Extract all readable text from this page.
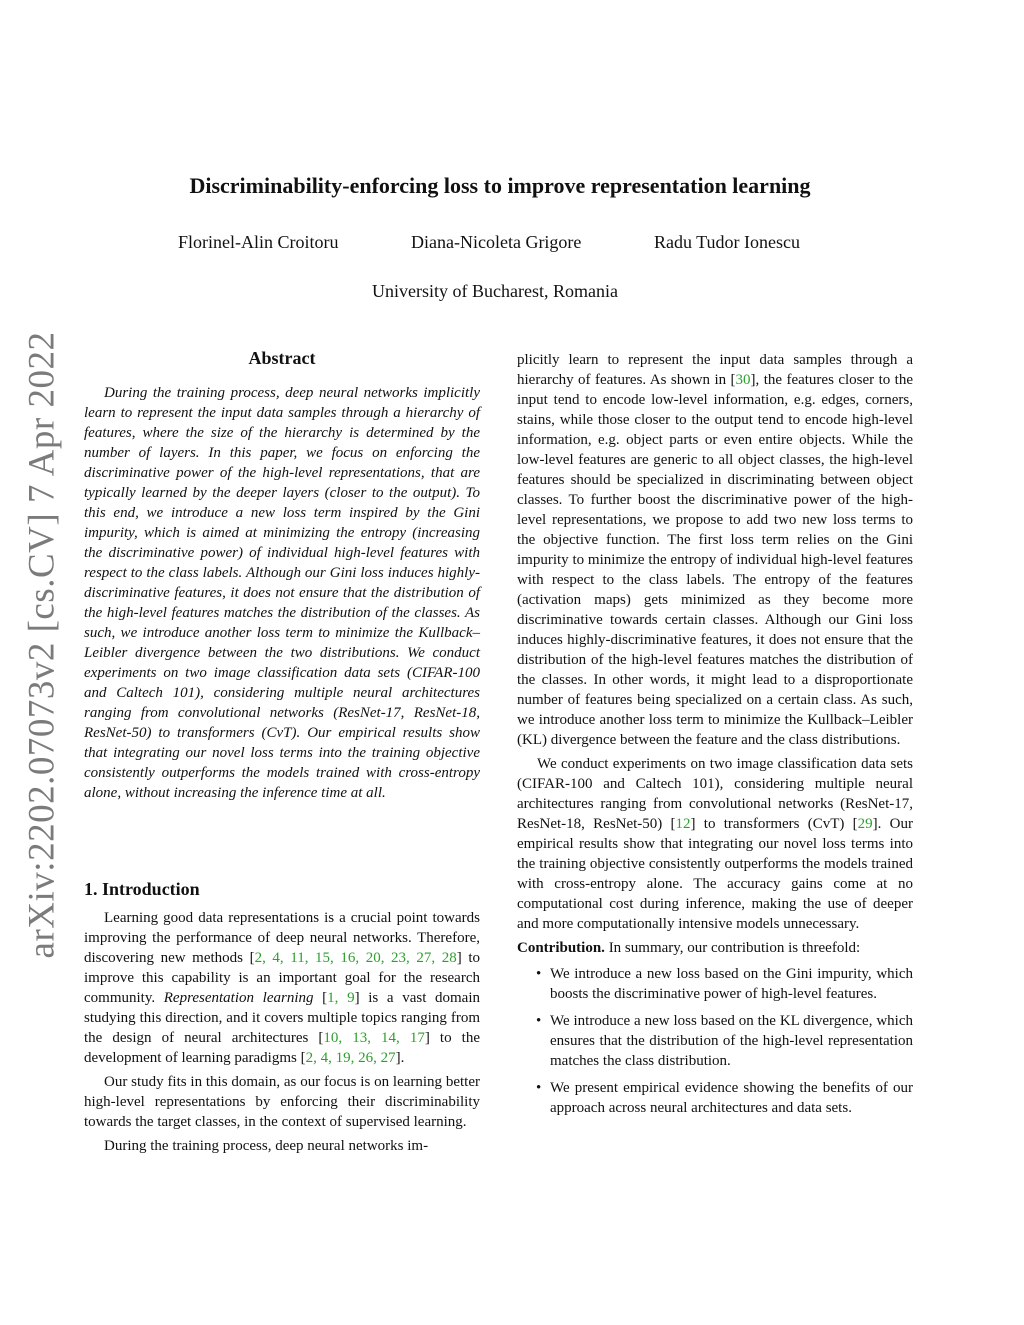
arXiv:2202.07073v2 [cs.CV] 7 Apr 2022
Discriminability-enforcing loss to improve representation learning
Florinel-Alin Croitoru	Diana-Nicoleta Grigore	Radu Tudor Ionescu
University of Bucharest, Romania
Abstract

During the training process, deep neural networks implicitly learn to represent the input data samples through a hierarchy of features, where the size of the hierarchy is determined by the number of layers. In this paper, we focus on enforcing the discriminative power of the high-level representations, that are typically learned by the deeper layers (closer to the output). To this end, we introduce a new loss term inspired by the Gini impurity, which is aimed at minimizing the entropy (increasing the discriminative power) of individual high-level features with respect to the class labels. Although our Gini loss induces highly-discriminative features, it does not ensure that the distribution of the high-level features matches the distribution of the classes. As such, we introduce another loss term to minimize the Kullback–Leibler divergence between the two distributions. We conduct experiments on two image classification data sets (CIFAR-100 and Caltech 101), considering multiple neural architectures ranging from convolutional networks (ResNet-17, ResNet-18, ResNet-50) to transformers (CvT). Our empirical results show that integrating our novel loss terms into the training objective consistently outperforms the models trained with cross-entropy alone, without increasing the inference time at all.

1. Introduction

Learning good data representations is a crucial point towards improving the performance of deep neural networks. Therefore, discovering new methods [2, 4, 11, 15, 16, 20, 23, 27, 28] to improve this capability is an important goal for the research community. Representation learning [1, 9] is a vast domain studying this direction, and it covers multiple topics ranging from the design of neural architectures [10, 13, 14, 17] to the development of learning paradigms [2, 4, 19, 26, 27].

Our study fits in this domain, as our focus is on learning better high-level representations by enforcing their discriminability towards the target classes, in the context of supervised learning.

During the training process, deep neural networks im-

plicitly learn to represent the input data samples through a hierarchy of features. As shown in [30], the features closer to the input tend to encode low-level information, e.g. edges, corners, stains, while those closer to the output tend to encode high-level information, e.g. object parts or even entire objects. While the low-level features are generic to all object classes, the high-level features should be specialized in discriminating between object classes. To further boost the discriminative power of the high-level representations, we propose to add two new loss terms to the objective function. The first loss term relies on the Gini impurity to minimize the entropy of individual high-level features with respect to the class labels. The entropy of the features (activation maps) gets minimized as they become more discriminative towards certain classes. Although our Gini loss induces highly-discriminative features, it does not ensure that the distribution of the high-level features matches the distribution of the classes. In other words, it might lead to a disproportionate number of features being specialized on a certain class. As such, we introduce another loss term to minimize the Kullback–Leibler (KL) divergence between the feature and the class distributions.

We conduct experiments on two image classification data sets (CIFAR-100 and Caltech 101), considering multiple neural architectures ranging from convolutional networks (ResNet-17, ResNet-18, ResNet-50) [12] to transformers (CvT) [29]. Our empirical results show that integrating our novel loss terms into the training objective consistently outperforms the models trained with cross-entropy alone. The accuracy gains come at no computational cost during inference, making the use of deeper and more computationally intensive models unnecessary.

Contribution. In summary, our contribution is threefold:

• We introduce a new loss based on the Gini impurity, which boosts the discriminative power of high-level features.
• We introduce a new loss based on the KL divergence, which ensures that the distribution of the high-level representation matches the class distribution.
• We present empirical evidence showing the benefits of our approach across neural architectures and data sets.
